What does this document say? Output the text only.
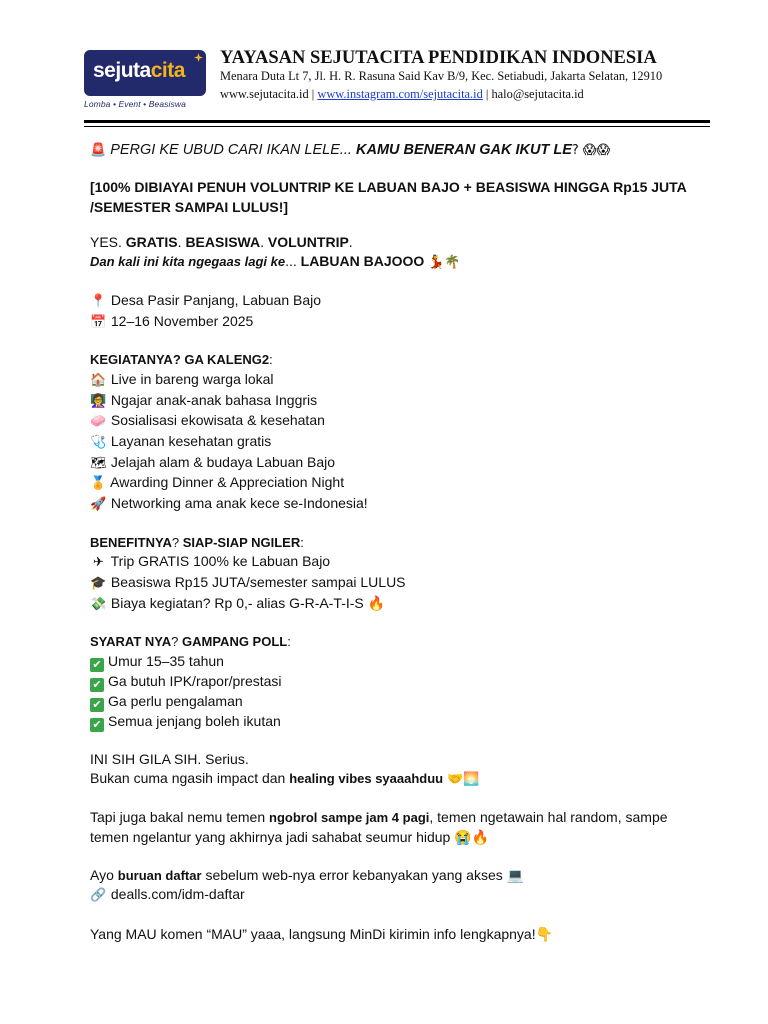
sejutacita
Lomba • Event • Beasiswa
YAYASAN SEJUTACITA PENDIDIKAN INDONESIA
Menara Duta Lt 7, Jl. H. R. Rasuna Said Kav B/9, Kec. Setiabudi, Jakarta Selatan, 12910
www.sejutacita.id | www.instagram.com/sejutacita.id | halo@sejutacita.id
🚨 PERGI KE UBUD CARI IKAN LELE... KAMU BENERAN GAK IKUT LE? 😱😱
[100% DIBIAYAI PENUH VOLUNTRIP KE LABUAN BAJO + BEASISWA HINGGA Rp15 JUTA
/SEMESTER SAMPAI LULUS!]
YES. GRATIS. BEASISWA. VOLUNTRIP.
Dan kali ini kita ngegaas lagi ke... LABUAN BAJOOO 💃🌴
📍 Desa Pasir Panjang, Labuan Bajo
📅 12–16 November 2025
KEGIATANYA? GA KALENG2:
🏠 Live in bareng warga lokal
👩‍🏫 Ngajar anak-anak bahasa Inggris
🧼 Sosialisasi ekowisata & kesehatan
🩺 Layanan kesehatan gratis
🗺 Jelajah alam & budaya Labuan Bajo
🏅 Awarding Dinner & Appreciation Night
🚀 Networking ama anak kece se-Indonesia!
BENEFITNYA? SIAP-SIAP NGILER:
✈ Trip GRATIS 100% ke Labuan Bajo
🎓 Beasiswa Rp15 JUTA/semester sampai LULUS
💸 Biaya kegiatan? Rp 0,- alias G-R-A-T-I-S 🔥
SYARAT NYA? GAMPANG POLL:
✔ Umur 15–35 tahun
✔ Ga butuh IPK/rapor/prestasi
✔ Ga perlu pengalaman
✔ Semua jenjang boleh ikutan
INI SIH GILA SIH. Serius.
Bukan cuma ngasih impact dan healing vibes syaaahduu 🤝🌅
Tapi juga bakal nemu temen ngobrol sampe jam 4 pagi, temen ngetawain hal random, sampe
temen ngelantur yang akhirnya jadi sahabat seumur hidup 😭🔥
Ayo buruan daftar sebelum web-nya error kebanyakan yang akses 💻
🔗 dealls.com/idm-daftar
Yang MAU komen “MAU” yaaa, langsung MinDi kirimin info lengkapnya!👇
